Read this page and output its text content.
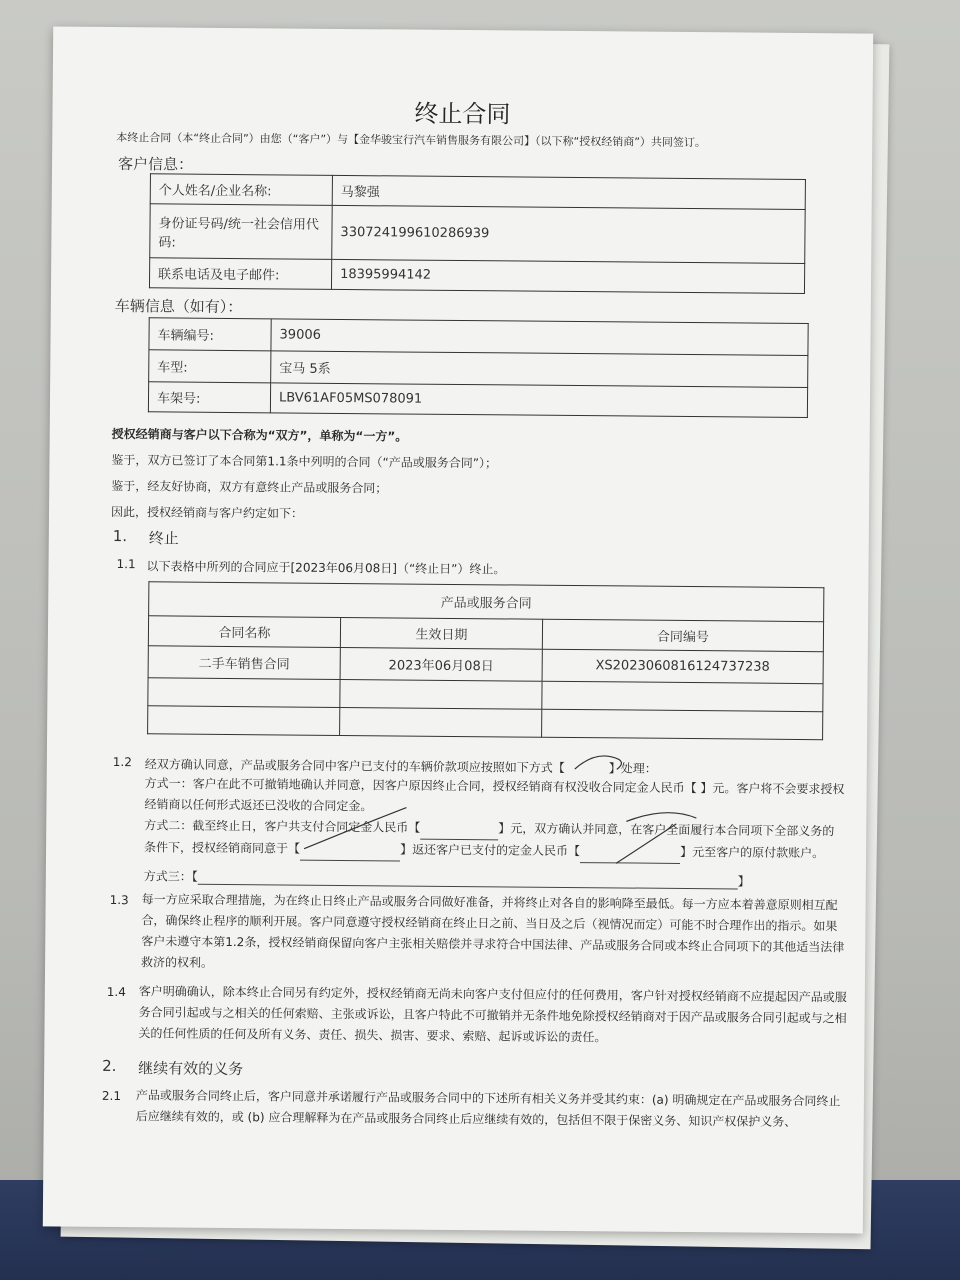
终止合同
本终止合同（本“终止合同”）由您（“客户”）与【金华骏宝行汽车销售服务有限公司】（以下称“授权经销商”）共同签订。
客户信息：
个人姓名/企业名称:	马黎强
身份证号码/统一社会信用代码:	330724199610286939
联系电话及电子邮件:	18395994142
车辆信息（如有）：
车辆编号:	39006
车型:	宝马 5系
车架号:	LBV61AF05MS078091
授权经销商与客户以下合称为“双方”，单称为“一方”。
鉴于，双方已签订了本合同第1.1条中列明的合同（“产品或服务合同”）；
鉴于，经友好协商，双方有意终止产品或服务合同；
因此，授权经销商与客户约定如下：
1. 终止
1.1 以下表格中所列的合同应于[2023年06月08日]（“终止日”）终止。
产品或服务合同		
合同名称	生效日期	合同编号
二手车销售合同	2023年06月08日	XS2023060816124737238

1.2 经双方确认同意，产品或服务合同中客户已支付的车辆价款项应按照如下方式【	】处理：
方式一：客户在此不可撤销地确认并同意，因客户原因终止合同，授权经销商有权没收合同定金人民币【 】元。客户将不会要求授权经销商以任何形式返还已没收的合同定金。
方式二：截至终止日，客户共支付合同定金人民币【	】元，双方确认并同意，在客户全面履行本合同项下全部义务的条件下，授权经销商同意于【	】返还客户已支付的定金人民币【	】元至客户的原付款账户。
方式三：【	】
1.3 每一方应采取合理措施，为在终止日终止产品或服务合同做好准备，并将终止对各自的影响降至最低。每一方应本着善意原则相互配合，确保终止程序的顺利开展。客户同意遵守授权经销商在终止日之前、当日及之后（视情况而定）可能不时合理作出的指示。如果客户未遵守本第1.2条，授权经销商保留向客户主张相关赔偿并寻求符合中国法律、产品或服务合同或本终止合同项下的其他适当法律救济的权利。
1.4 客户明确确认，除本终止合同另有约定外，授权经销商无尚未向客户支付但应付的任何费用，客户针对授权经销商不应提起因产品或服务合同引起或与之相关的任何索赔、主张或诉讼，且客户特此不可撤销并无条件地免除授权经销商对于因产品或服务合同引起或与之相关的任何性质的任何及所有义务、责任、损失、损害、要求、索赔、起诉或诉讼的责任。
2. 继续有效的义务
2.1 产品或服务合同终止后，客户同意并承诺履行产品或服务合同中的下述所有相关义务并受其约束：(a) 明确规定在产品或服务合同终止后应继续有效的，或 (b) 应合理解释为在产品或服务合同终止后应继续有效的，包括但不限于保密义务、知识产权保护义务、
